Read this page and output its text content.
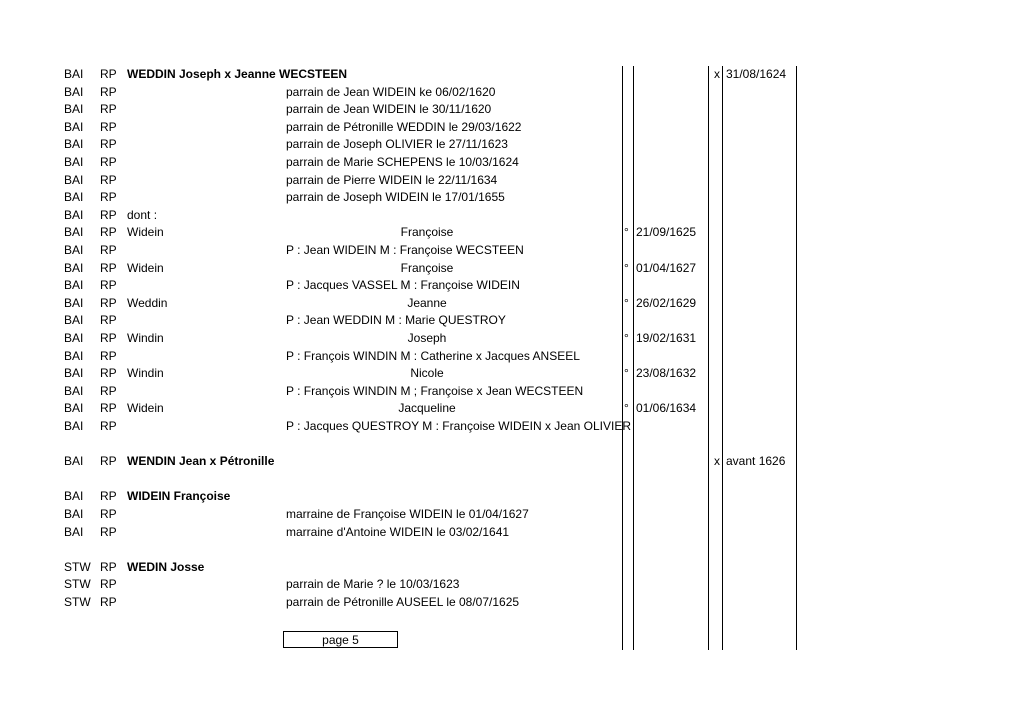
BAI RP WEDDIN Joseph x Jeanne WECSTEEN	x 31/08/1624
BAI RP	parrain de Jean WIDEIN ke 06/02/1620
BAI RP	parrain de Jean WIDEIN le 30/11/1620
BAI RP	parrain de Pétronille WEDDIN le 29/03/1622
BAI RP	parrain de Joseph OLIVIER le 27/11/1623
BAI RP	parrain de Marie SCHEPENS le 10/03/1624
BAI RP	parrain de Pierre WIDEIN le 22/11/1634
BAI RP	parrain de Joseph WIDEIN le 17/01/1655
BAI RP dont :
BAI RP Widein	Françoise	° 21/09/1625
BAI RP	P : Jean WIDEIN M : Françoise WECSTEEN
BAI RP Widein	Françoise	° 01/04/1627
BAI RP	P : Jacques VASSEL M : Françoise WIDEIN
BAI RP Weddin	Jeanne	° 26/02/1629
BAI RP	P : Jean WEDDIN M : Marie QUESTROY
BAI RP Windin	Joseph	° 19/02/1631
BAI RP	P : François WINDIN M : Catherine x Jacques ANSEEL
BAI RP Windin	Nicole	° 23/08/1632
BAI RP	P : François WINDIN M ; Françoise x Jean WECSTEEN
BAI RP Widein	Jacqueline	° 01/06/1634
BAI RP	P : Jacques QUESTROY M : Françoise WIDEIN x Jean OLIVIER
BAI RP WENDIN Jean x Pétronille	x avant 1626
BAI RP WIDEIN Françoise
BAI RP	marraine de Françoise WIDEIN le 01/04/1627
BAI RP	marraine d'Antoine WIDEIN le 03/02/1641
STW RP WEDIN Josse
STW RP	parrain de Marie ? le 10/03/1623
STW RP	parrain de Pétronille AUSEEL le 08/07/1625
page 5
